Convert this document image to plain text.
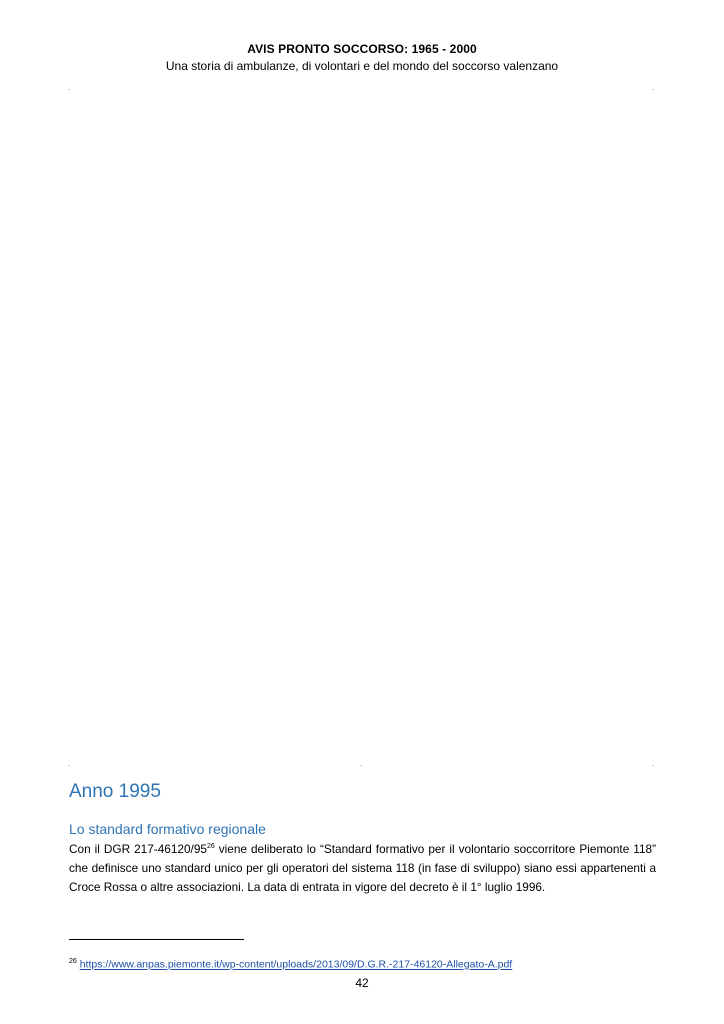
AVIS PRONTO SOCCORSO: 1965 - 2000
Una storia di ambulanze, di volontari e del mondo del soccorso valenzano
.	.
.	.	.
Anno 1995
Lo standard formativo regionale

Con il DGR $217-46120/95^{26}$ viene deliberato lo “Standard formativo per il volontario soccorritore Piemonte 118” che definisce uno standard unico per gli operatori del sistema 118 (in fase di sviluppo) siano essi appartenenti a Croce Rossa o altre associazioni. La data di entrata in vigore del decreto è il 1° luglio 1996.

$^{26}$ https://www.anpas.piemonte.it/wp-content/uploads/2013/09/D.G.R.-217-46120-Allegato-A.pdf
42
